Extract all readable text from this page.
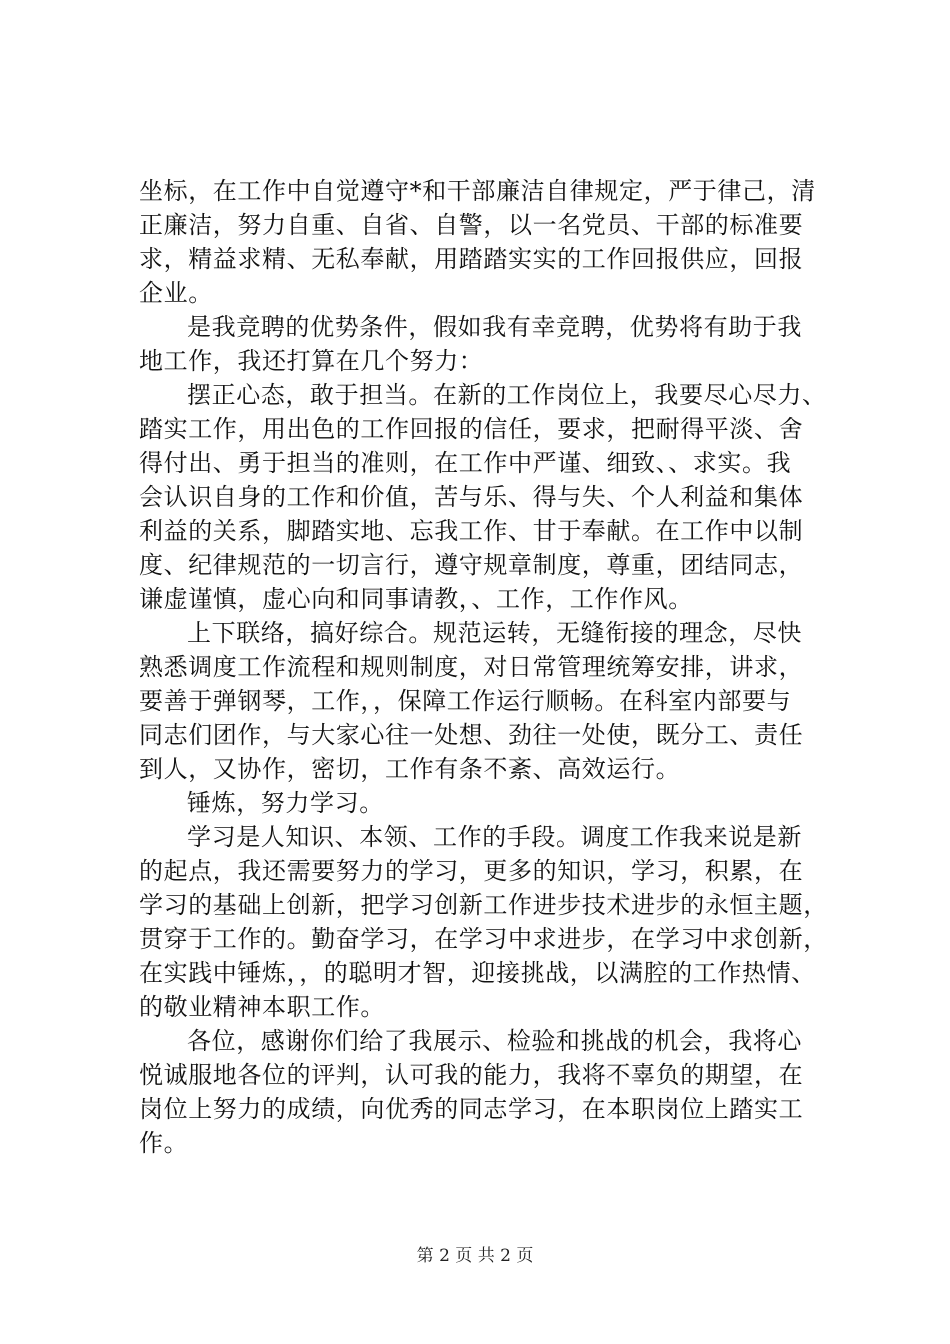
坐标，在工作中自觉遵守*和干部廉洁自律规定，严于律己，清
正廉洁，努力自重、自省、自警，以一名党员、干部的标准要
求，精益求精、无私奉献，用踏踏实实的工作回报供应，回报
企业。
是我竞聘的优势条件，假如我有幸竞聘，优势将有助于我
地工作，我还打算在几个努力：
摆正心态，敢于担当。在新的工作岗位上，我要尽心尽力、
踏实工作，用出色的工作回报的信任，要求，把耐得平淡、舍
得付出、勇于担当的准则，在工作中严谨、细致、、求实。我
会认识自身的工作和价值，苦与乐、得与失、个人利益和集体
利益的关系，脚踏实地、忘我工作、甘于奉献。在工作中以制
度、纪律规范的一切言行，遵守规章制度，尊重，团结同志，
谦虚谨慎，虚心向和同事请教，、工作，工作作风。
上下联络，搞好综合。规范运转，无缝衔接的理念，尽快
熟悉调度工作流程和规则制度，对日常管理统筹安排，讲求，
要善于弹钢琴，工作，，保障工作运行顺畅。在科室内部要与
同志们团作，与大家心往一处想、劲往一处使，既分工、责任
到人，又协作，密切，工作有条不紊、高效运行。
锤炼，努力学习。
学习是人知识、本领、工作的手段。调度工作我来说是新
的起点，我还需要努力的学习，更多的知识，学习，积累，在
学习的基础上创新，把学习创新工作进步技术进步的永恒主题，
贯穿于工作的。勤奋学习，在学习中求进步，在学习中求创新，
在实践中锤炼，，的聪明才智，迎接挑战，以满腔的工作热情、
的敬业精神本职工作。
各位，感谢你们给了我展示、检验和挑战的机会，我将心
悦诚服地各位的评判，认可我的能力，我将不辜负的期望，在
岗位上努力的成绩，向优秀的同志学习，在本职岗位上踏实工
作。
第 2 页 共 2 页
